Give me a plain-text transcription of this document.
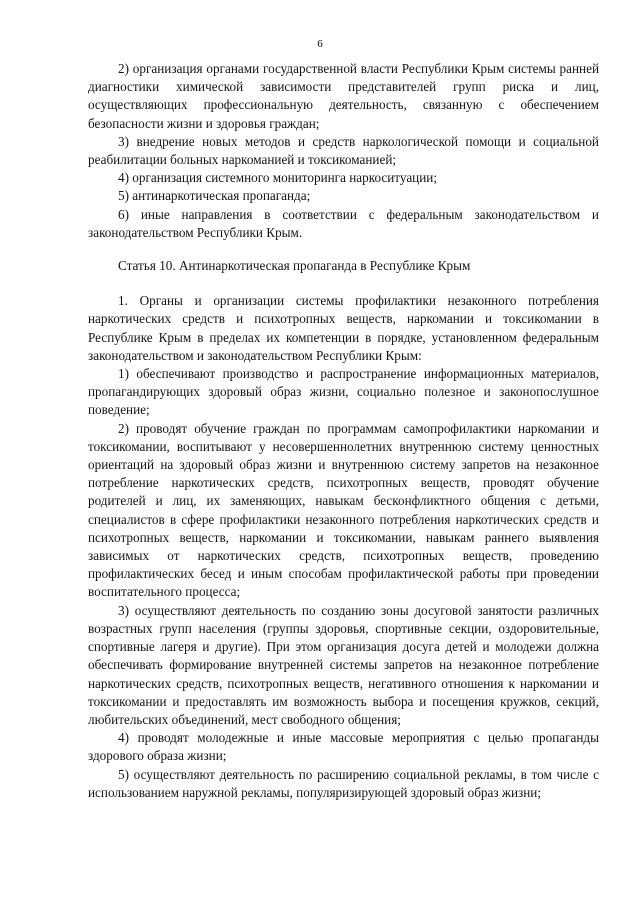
6

2) организация органами государственной власти Республики Крым системы ранней диагностики химической зависимости представителей групп риска и лиц, осуществляющих профессиональную деятельность, связанную с обеспечением безопасности жизни и здоровья граждан;

3) внедрение новых методов и средств наркологической помощи и социальной реабилитации больных наркоманией и токсикоманией;

4) организация системного мониторинга наркоситуации;

5) антинаркотическая пропаганда;

6) иные направления в соответствии с федеральным законодательством и законодательством Республики Крым.

Статья 10. Антинаркотическая пропаганда в Республике Крым

1. Органы и организации системы профилактики незаконного потребления наркотических средств и психотропных веществ, наркомании и токсикомании в Республике Крым в пределах их компетенции в порядке, установленном федеральным законодательством и законодательством Республики Крым:

1) обеспечивают производство и распространение информационных материалов, пропагандирующих здоровый образ жизни, социально полезное и законопослушное поведение;

2) проводят обучение граждан по программам самопрофилактики наркомании и токсикомании, воспитывают у несовершеннолетних внутреннюю систему ценностных ориентаций на здоровый образ жизни и внутреннюю систему запретов на незаконное потребление наркотических средств, психотропных веществ, проводят обучение родителей и лиц, их заменяющих, навыкам бесконфликтного общения с детьми, специалистов в сфере профилактики незаконного потребления наркотических средств и психотропных веществ, наркомании и токсикомании, навыкам раннего выявления зависимых от наркотических средств, психотропных веществ, проведению профилактических бесед и иным способам профилактической работы при проведении воспитательного процесса;

3) осуществляют деятельность по созданию зоны досуговой занятости различных возрастных групп населения (группы здоровья, спортивные секции, оздоровительные, спортивные лагеря и другие). При этом организация досуга детей и молодежи должна обеспечивать формирование внутренней системы запретов на незаконное потребление наркотических средств, психотропных веществ, негативного отношения к наркомании и токсикомании и предоставлять им возможность выбора и посещения кружков, секций, любительских объединений, мест свободного общения;

4) проводят молодежные и иные массовые мероприятия с целью пропаганды здорового образа жизни;

5) осуществляют деятельность по расширению социальной рекламы, в том числе с использованием наружной рекламы, популяризирующей здоровый образ жизни;
